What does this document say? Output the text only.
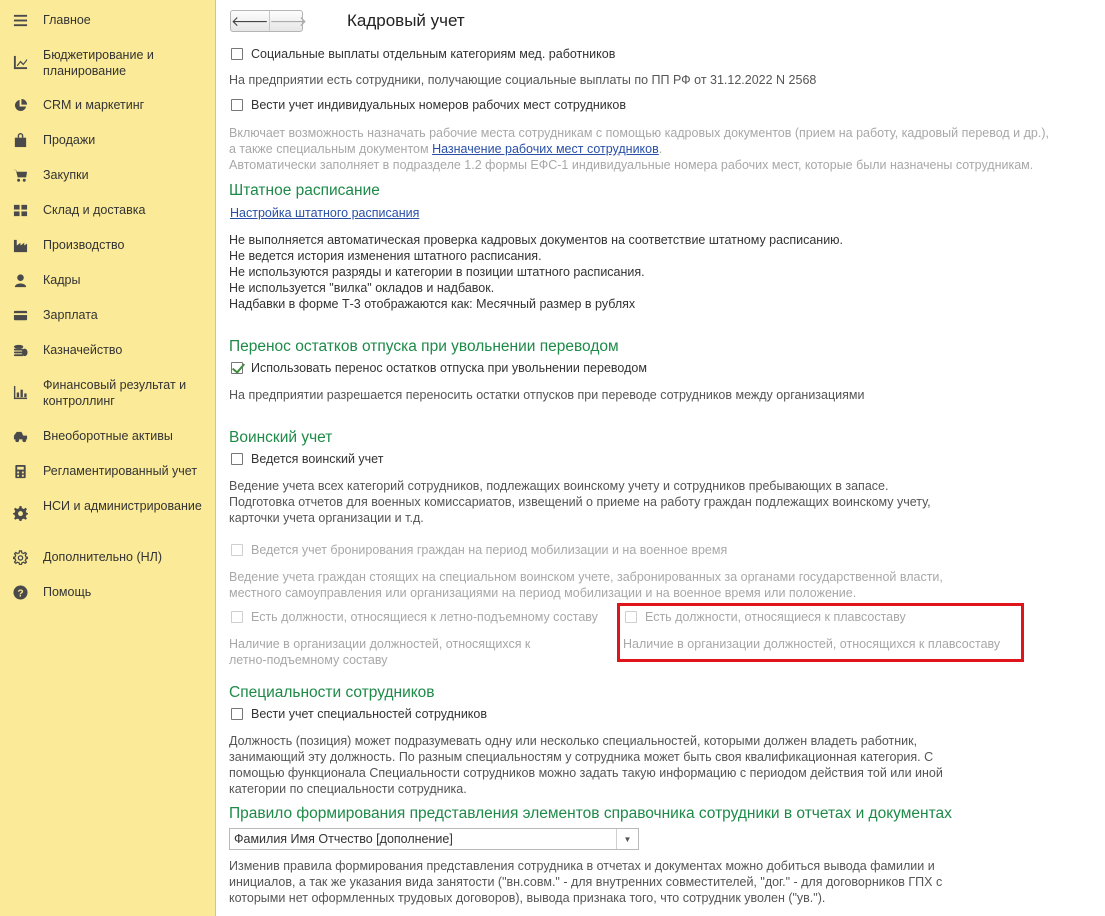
Главное
Бюджетирование и планирование
CRM и маркетинг
Продажи
Закупки
Склад и доставка
Производство
Кадры
Зарплата
Казначейство
Финансовый результат и контроллинг
Внеоборотные активы
Регламентированный учет
НСИ и администрирование
Дополнительно (НЛ)
? Помощь
🡐 🡒 Кадровый учет
Социальные выплаты отдельным категориям мед. работников
На предприятии есть сотрудники, получающие социальные выплаты по ПП РФ от 31.12.2022 N 2568
Вести учет индивидуальных номеров рабочих мест сотрудников
Включает возможность назначать рабочие места сотрудникам с помощью кадровых документов (прием на работу, кадровый перевод и др.),
а также специальным документом Назначение рабочих мест сотрудников.
Автоматически заполняет в подразделе 1.2 формы ЕФС-1 индивидуальные номера рабочих мест, которые были назначены сотрудникам.
Штатное расписание
Настройка штатного расписания
Не выполняется автоматическая проверка кадровых документов на соответствие штатному расписанию.
Не ведется история изменения штатного расписания.
Не используются разряды и категории в позиции штатного расписания.
Не используется "вилка" окладов и надбавок.
Надбавки в форме Т-3 отображаются как: Месячный размер в рублях
Перенос остатков отпуска при увольнении переводом
Использовать перенос остатков отпуска при увольнении переводом
На предприятии разрешается переносить остатки отпусков при переводе сотрудников между организациями
Воинский учет
Ведется воинский учет
Ведение учета всех категорий сотрудников, подлежащих воинскому учету и сотрудников пребывающих в запасе.
Подготовка отчетов для военных комиссариатов, извещений о приеме на работу граждан подлежащих воинскому учету,
карточки учета организации и т.д.
Ведется учет бронирования граждан на период мобилизации и на военное время
Ведение учета граждан стоящих на специальном воинском учете, забронированных за органами государственной власти,
местного самоуправления или организациями на период мобилизации и на военное время или положение.
Есть должности, относящиеся к летно-подъемному составу
Наличие в организации должностей, относящихся к
летно-подъемному составу
Есть должности, относящиеся к плавсоставу
Наличие в организации должностей, относящихся к плавсоставу
Специальности сотрудников
Вести учет специальностей сотрудников
Должность (позиция) может подразумевать одну или несколько специальностей, которыми должен владеть работник,
занимающий эту должность. По разным специальностям у сотрудника может быть своя квалификационная категория. С
помощью функционала Специальности сотрудников можно задать такую информацию с периодом действия той или иной
категории по специальности сотрудника.
Правило формирования представления элементов справочника сотрудники в отчетах и документах
Фамилия Имя Отчество [дополнение]	▼
Изменив правила формирования представления сотрудника в отчетах и документах можно добиться вывода фамилии и
инициалов, а так же указания вида занятости ("вн.совм." - для внутренних совместителей, "дог." - для договорников ГПХ с
которыми нет оформленных трудовых договоров), вывода признака того, что сотрудник уволен ("ув.").
